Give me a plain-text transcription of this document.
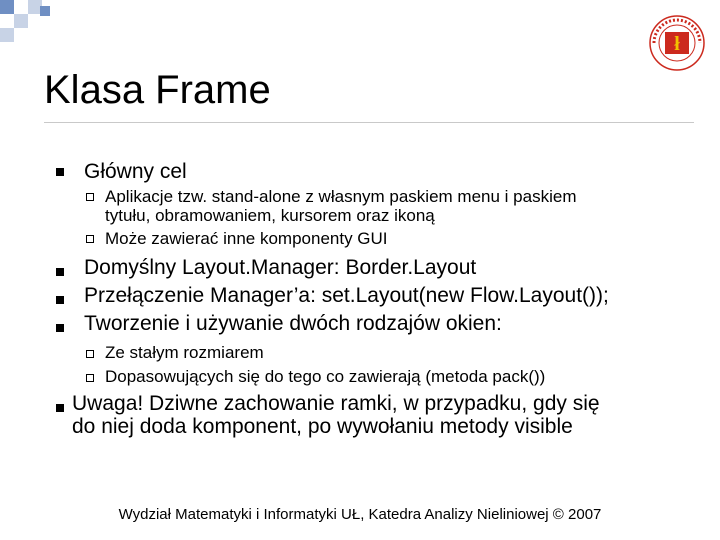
ł
Klasa Frame
Główny cel
Aplikacje tzw. stand-alone z własnym paskiem menu i paskiem
tytułu, obramowaniem, kursorem oraz ikoną
Może zawierać inne komponenty GUI
Domyślny Layout.Manager: Border.Layout
Przełączenie Manager’a: set.Layout(new Flow.Layout());
Tworzenie i używanie dwóch rodzajów okien:
Ze stałym rozmiarem
Dopasowujących się do tego co zawierają (metoda pack())
Uwaga! Dziwne zachowanie ramki, w przypadku, gdy się
do niej doda komponent, po wywołaniu metody visible
Wydział Matematyki i Informatyki UŁ, Katedra Analizy Nieliniowej © 2007
